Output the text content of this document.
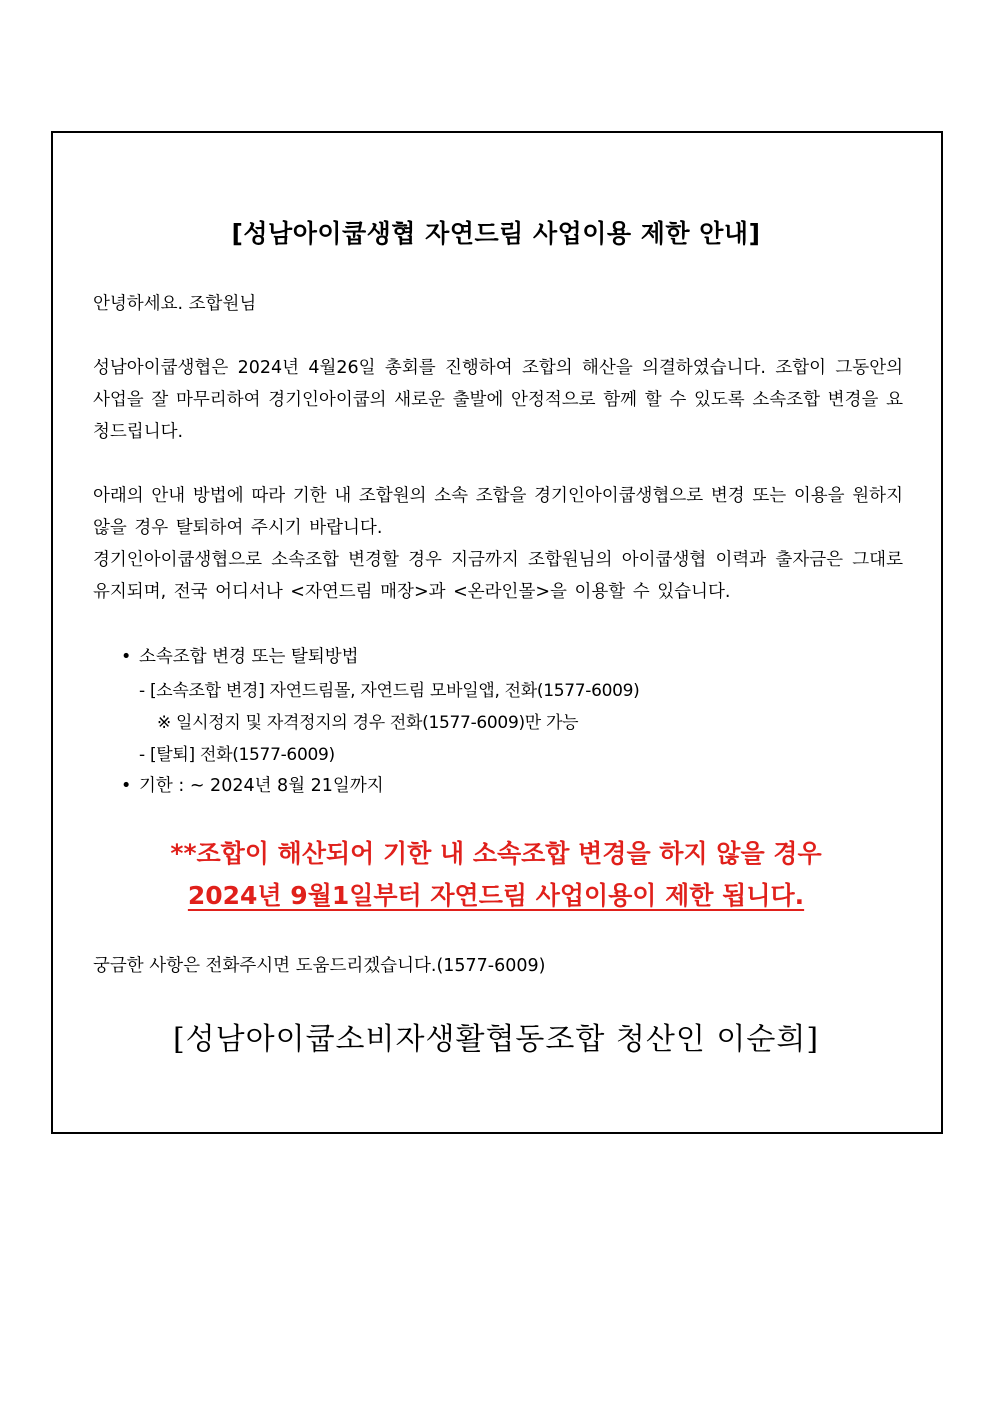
[성남아이쿱생협 자연드림 사업이용 제한 안내]
안녕하세요. 조합원님
성남아이쿱생협은 2024년 4월26일 총회를 진행하여 조합의 해산을 의결하였습니다. 조합이 그동안의 사업을 잘 마무리하여 경기인아이쿱의 새로운 출발에 안정적으로 함께 할 수 있도록 소속조합 변경을 요청드립니다.
아래의 안내 방법에 따라 기한 내 조합원의 소속 조합을 경기인아이쿱생협으로 변경 또는 이용을 원하지 않을 경우 탈퇴하여 주시기 바랍니다.
경기인아이쿱생협으로 소속조합 변경할 경우 지금까지 조합원님의 아이쿱생협 이력과 출자금은 그대로 유지되며, 전국 어디서나 <자연드림 매장>과 <온라인몰>을 이용할 수 있습니다.
• 소속조합 변경 또는 탈퇴방법
- [소속조합 변경] 자연드림몰, 자연드림 모바일앱, 전화(1577-6009)
※ 일시정지 및 자격정지의 경우 전화(1577-6009)만 가능
- [탈퇴] 전화(1577-6009)
• 기한 : ~ 2024년 8월 21일까지
**조합이 해산되어 기한 내 소속조합 변경을 하지 않을 경우
2024년 9월1일부터 자연드림 사업이용이 제한 됩니다.
궁금한 사항은 전화주시면 도움드리겠습니다.(1577-6009)
[성남아이쿱소비자생활협동조합 청산인 이순희]
